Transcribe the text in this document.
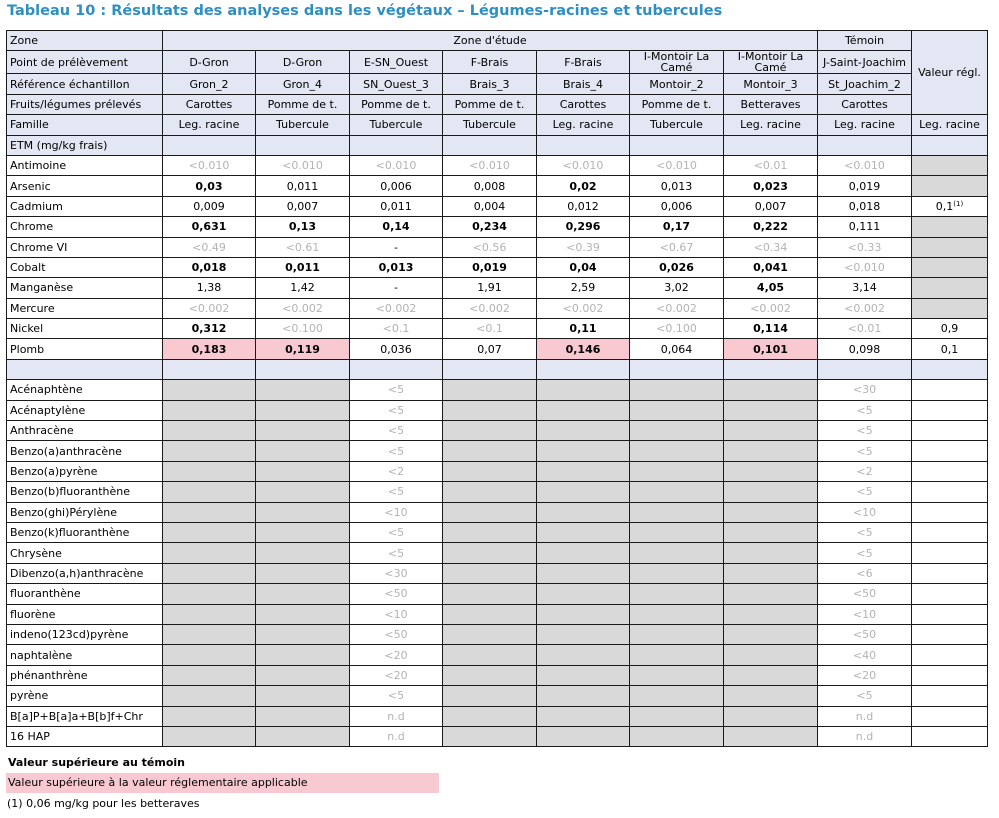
Tableau 10 : Résultats des analyses dans les végétaux – Légumes-racines et tubercules
Zone	Zone d'étude							Témoin	Valeur régl.
Point de prélèvement	D-Gron	D-Gron	E-SN_Ouest	F-Brais	F-Brais	I-Montoir La Camé	I-Montoir La Camé	J-Saint-Joachim	
Référence échantillon	Gron_2	Gron_4	SN_Ouest_3	Brais_3	Brais_4	Montoir_2	Montoir_3	St_Joachim_2	
Fruits/légumes prélevés	Carottes	Pomme de t.	Pomme de t.	Pomme de t.	Carottes	Pomme de t.	Betteraves	Carottes	
Famille	Leg. racine	Tubercule	Tubercule	Tubercule	Leg. racine	Tubercule	Leg. racine	Leg. racine	Leg. racine
ETM (mg/kg frais)									
Antimoine	<0.010	<0.010	<0.010	<0.010	<0.010	<0.010	<0.01	<0.010	
Arsenic	0,03	0,011	0,006	0,008	0,02	0,013	0,023	0,019	
Cadmium	0,009	0,007	0,011	0,004	0,012	0,006	0,007	0,018	0,1$^{(1)}$
Chrome	0,631	0,13	0,14	0,234	0,296	0,17	0,222	0,111	
Chrome VI	<0.49	<0.61	-	<0.56	<0.39	<0.67	<0.34	<0.33	
Cobalt	0,018	0,011	0,013	0,019	0,04	0,026	0,041	<0.010	
Manganèse	1,38	1,42	-	1,91	2,59	3,02	4,05	3,14	
Mercure	<0.002	<0.002	<0.002	<0.002	<0.002	<0.002	<0.002	<0.002	
Nickel	0,312	<0.100	<0.1	<0.1	0,11	<0.100	0,114	<0.01	0,9
Plomb	0,183	0,119	0,036	0,07	0,146	0,064	0,101	0,098	0,1

Acénaphtène			<5					<30	
Acénaptylène			<5					<5	
Anthracène			<5					<5	
Benzo(a)anthracène			<5					<5	
Benzo(a)pyrène			<2					<2	
Benzo(b)fluoranthène			<5					<5	
Benzo(ghi)Pérylène			<10					<10	
Benzo(k)fluoranthène			<5					<5	
Chrysène			<5					<5	
Dibenzo(a,h)anthracène			<30					<6	
fluoranthène			<50					<50	
fluorène			<10					<10	
indeno(123cd)pyrène			<50					<50	
naphtalène			<20					<40	
phénanthrène			<20					<20	
pyrène			<5					<5	
B[a]P+B[a]a+B[b]f+Chr			n.d					n.d	
16 HAP			n.d					n.d	
Valeur supérieure au témoin
Valeur supérieure à la valeur réglementaire applicable
(1) 0,06 mg/kg pour les betteraves
